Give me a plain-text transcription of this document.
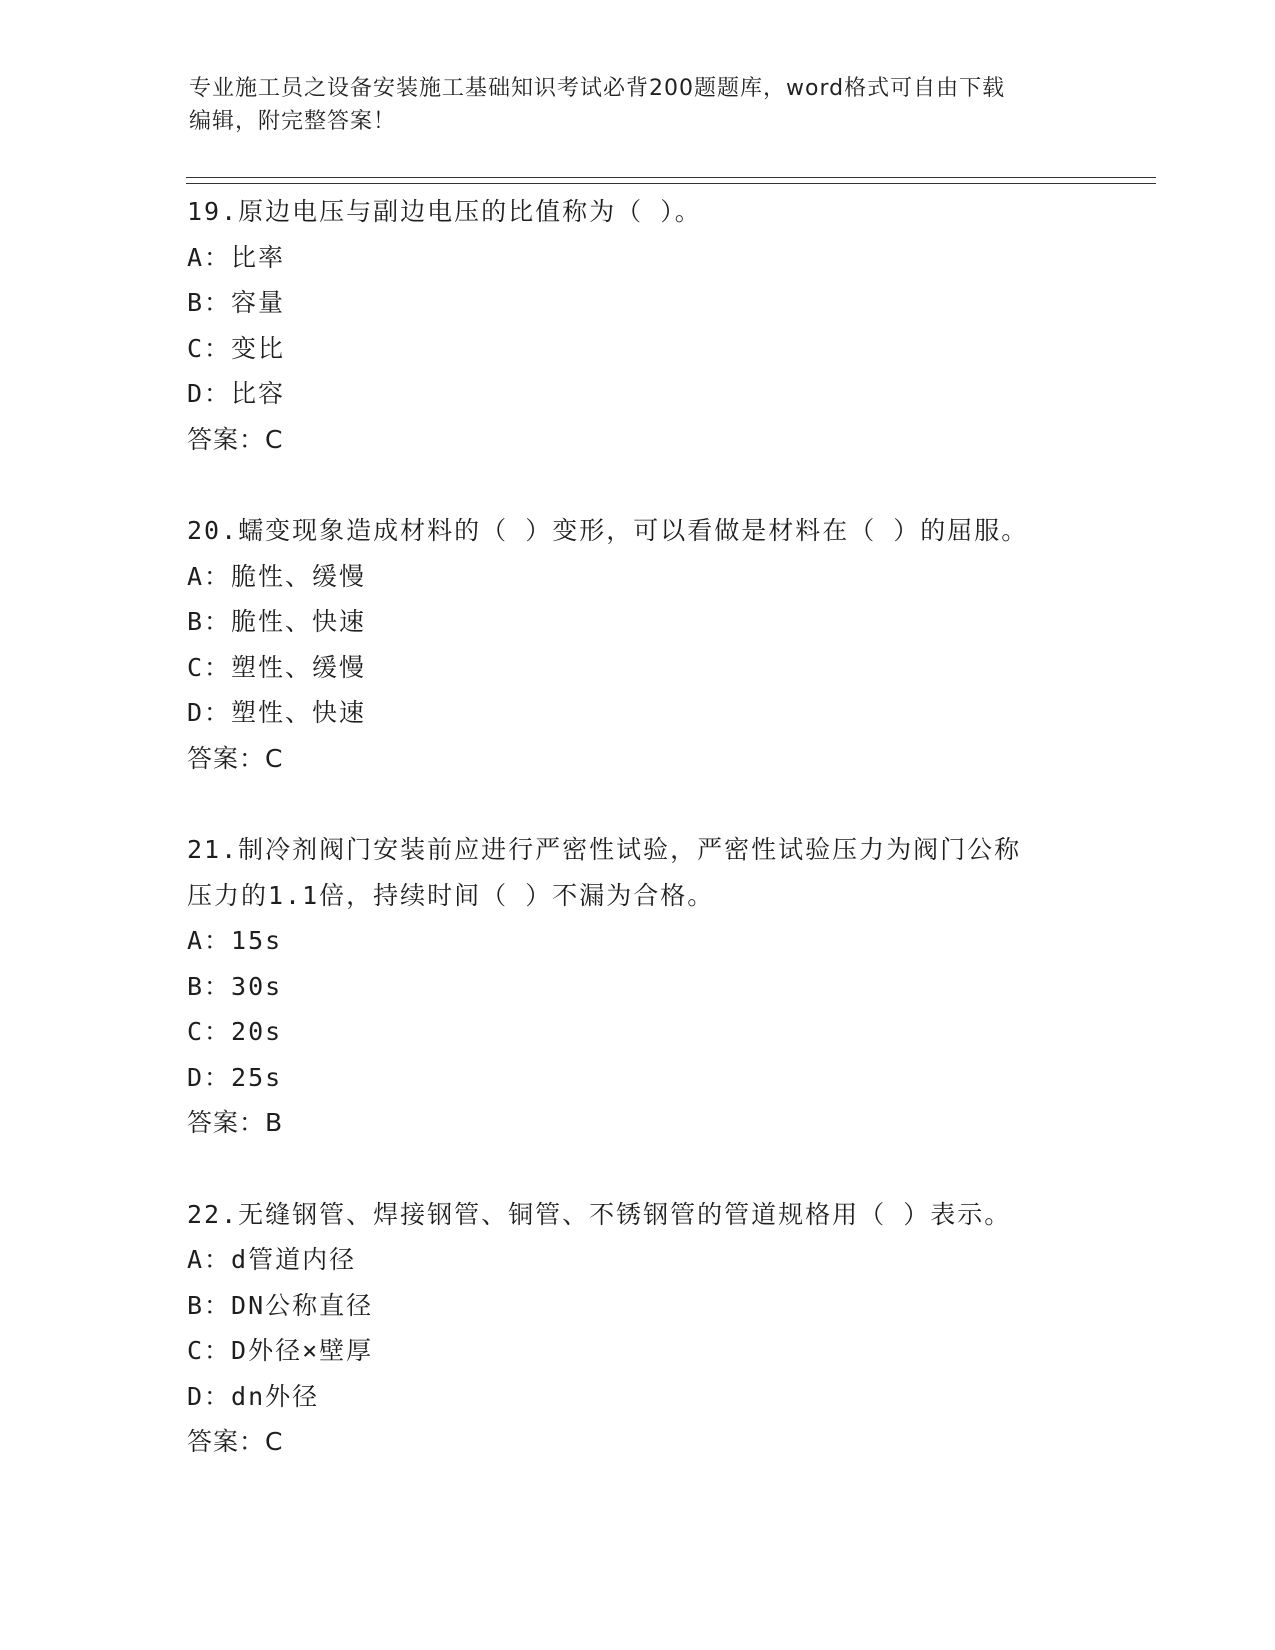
专业施工员之设备安装施工基础知识考试必背200题题库，word格式可自由下载
编辑，附完整答案！
19.原边电压与副边电压的比值称为（ ）。
A：比率
B：容量
C：变比
D：比容
答案：C
20.蠕变现象造成材料的（ ）变形，可以看做是材料在（ ）的屈服。
A：脆性、缓慢
B：脆性、快速
C：塑性、缓慢
D：塑性、快速
答案：C
21.制冷剂阀门安装前应进行严密性试验，严密性试验压力为阀门公称
压力的1.1倍，持续时间（ ）不漏为合格。
A：15s
B：30s
C：20s
D：25s
答案：B
22.无缝钢管、焊接钢管、铜管、不锈钢管的管道规格用（ ）表示。
A：d管道内径
B：DN公称直径
C：D外径×壁厚
D：dn外径
答案：C
